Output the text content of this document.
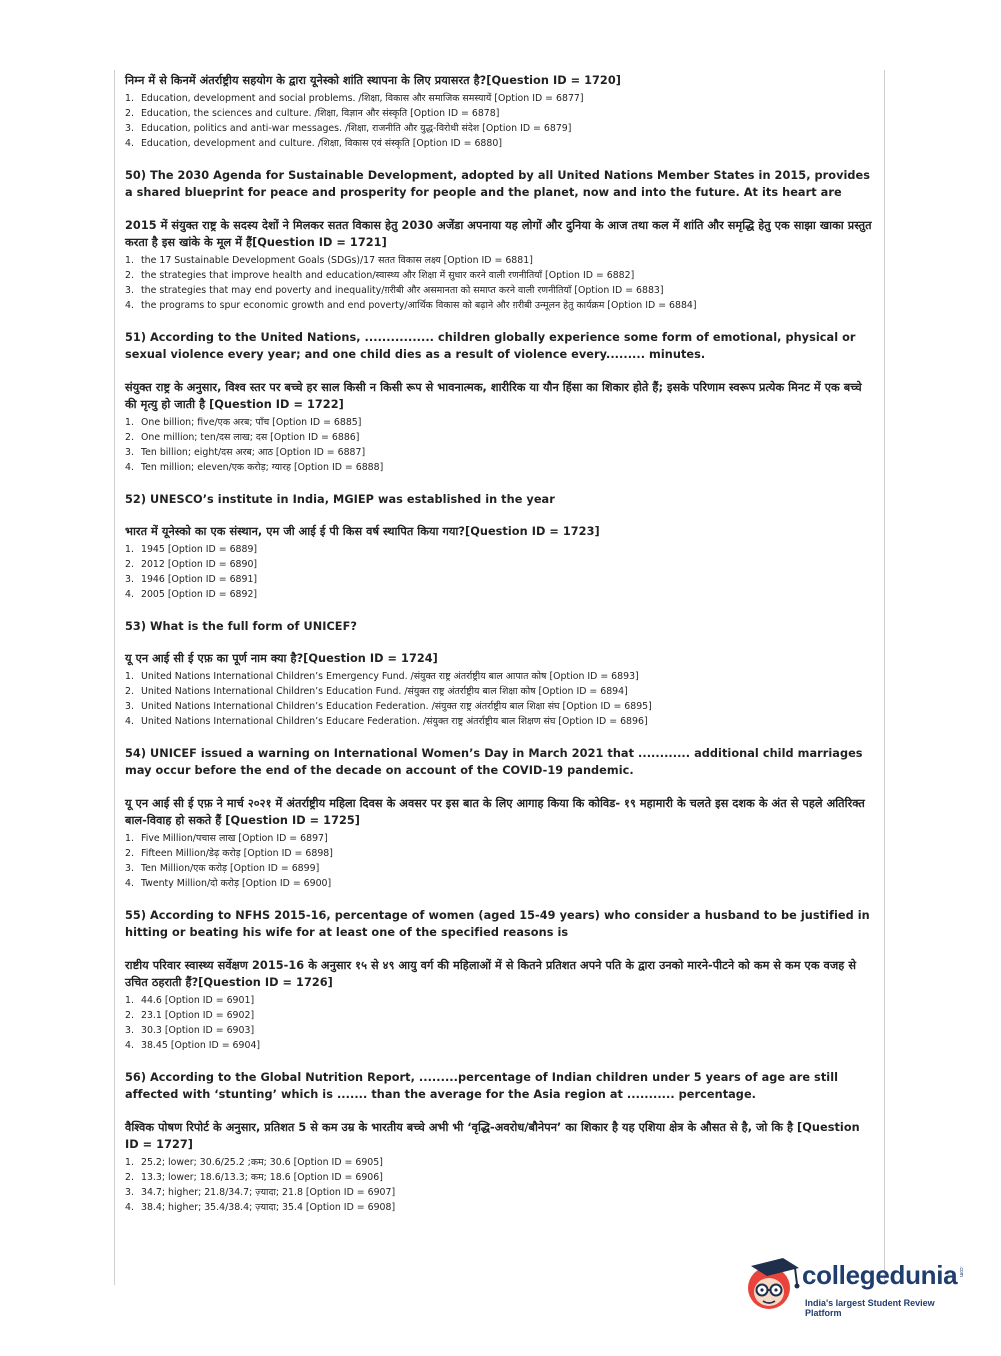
निम्न में से किनमें अंतर्राष्ट्रीय सहयोग के द्वारा यूनेस्को शांति स्थापना के लिए प्रयासरत है?[Question ID = 1720]

1. Education, development and social problems. /शिक्षा, विकास और समाजिक समस्यायें [Option ID = 6877]
2. Education, the sciences and culture. /शिक्षा, विज्ञान और संस्कृति [Option ID = 6878]
3. Education, politics and anti-war messages. /शिक्षा, राजनीति और युद्ध-विरोधी संदेश [Option ID = 6879]
4. Education, development and culture. /शिक्षा, विकास एवं संस्कृति [Option ID = 6880]

50) The 2030 Agenda for Sustainable Development, adopted by all United Nations Member States in 2015, provides a shared blueprint for peace and prosperity for people and the planet, now and into the future. At its heart are

2015 में संयुक्त राष्ट्र के सदस्य देशों ने मिलकर सतत विकास हेतु 2030 अजेंडा अपनाया यह लोगों और दुनिया के आज तथा कल में शांति और समृद्धि हेतु एक साझा खाका प्रस्तुत करता है इस खांके के मूल में हैं[Question ID = 1721]

1. the 17 Sustainable Development Goals (SDGs)/17 सतत विकास लक्ष्य [Option ID = 6881]
2. the strategies that improve health and education/स्वास्थ्य और शिक्षा में सुधार करने वाली रणनीतियाँ [Option ID = 6882]
3. the strategies that may end poverty and inequality/ग़रीबी और असमानता को समाप्त करने वाली रणनीतियाँ [Option ID = 6883]
4. the programs to spur economic growth and end poverty/आर्थिक विकास को बढ़ाने और ग़रीबी उन्मूलन हेतु कार्यक्रम [Option ID = 6884]

51) According to the United Nations, ................ children globally experience some form of emotional, physical or sexual violence every year; and one child dies as a result of violence every......... minutes.

संयुक्त राष्ट्र के अनुसार, विश्व स्तर पर बच्चे हर साल किसी न किसी रूप से भावनात्मक, शारीरिक या यौन हिंसा का शिकार होते हैं; इसके परिणाम स्वरूप प्रत्येक मिनट में एक बच्चे की मृत्यु हो जाती है [Question ID = 1722]

1. One billion; five/एक अरब; पाँच [Option ID = 6885]
2. One million; ten/दस लाख; दस [Option ID = 6886]
3. Ten billion; eight/दस अरब; आठ [Option ID = 6887]
4. Ten million; eleven/एक करोड़; ग्यारह [Option ID = 6888]

52) UNESCO’s institute in India, MGIEP was established in the year

भारत में यूनेस्को का एक संस्थान, एम जी आई ई पी किस वर्ष स्थापित किया गया?[Question ID = 1723]

1. 1945 [Option ID = 6889]
2. 2012 [Option ID = 6890]
3. 1946 [Option ID = 6891]
4. 2005 [Option ID = 6892]

53) What is the full form of UNICEF?

यू एन आई सी ई एफ़ का पूर्ण नाम क्या है?[Question ID = 1724]

1. United Nations International Children’s Emergency Fund. /संयुक्त राष्ट्र अंतर्राष्ट्रीय बाल आपात कोष [Option ID = 6893]
2. United Nations International Children’s Education Fund. /संयुक्त राष्ट्र अंतर्राष्ट्रीय बाल शिक्षा कोष [Option ID = 6894]
3. United Nations International Children’s Education Federation. /संयुक्त राष्ट्र अंतर्राष्ट्रीय बाल शिक्षा संघ [Option ID = 6895]
4. United Nations International Children’s Educare Federation. /संयुक्त राष्ट्र अंतर्राष्ट्रीय बाल शिक्षण संघ [Option ID = 6896]

54) UNICEF issued a warning on International Women’s Day in March 2021 that ............ additional child marriages may occur before the end of the decade on account of the COVID-19 pandemic.

यू एन आई सी ई एफ़ ने मार्च २०२१ में अंतर्राष्ट्रीय महिला दिवस के अवसर पर इस बात के लिए आगाह किया कि कोविड- १९ महामारी के चलते इस दशक के अंत से पहले अतिरिक्त बाल-विवाह हो सकते हैं [Question ID = 1725]

1. Five Million/पचास लाख [Option ID = 6897]
2. Fifteen Million/डेढ़ करोड़ [Option ID = 6898]
3. Ten Million/एक करोड़ [Option ID = 6899]
4. Twenty Million/दो करोड़ [Option ID = 6900]

55) According to NFHS 2015-16, percentage of women (aged 15-49 years) who consider a husband to be justified in hitting or beating his wife for at least one of the specified reasons is

राष्टीय परिवार स्वास्थ्य सर्वेक्षण 2015-16 के अनुसार १५ से ४९ आयु वर्ग की महिलाओं में से कितने प्रतिशत अपने पति के द्वारा उनको मारने-पीटने को कम से कम एक वजह से उचित ठहराती हैं?[Question ID = 1726]

1. 44.6 [Option ID = 6901]
2. 23.1 [Option ID = 6902]
3. 30.3 [Option ID = 6903]
4. 38.45 [Option ID = 6904]

56) According to the Global Nutrition Report, .........percentage of Indian children under 5 years of age are still affected with ‘stunting’ which is ....... than the average for the Asia region at ........... percentage.

वैश्विक पोषण रिपोर्ट के अनुसार, प्रतिशत 5 से कम उम्र के भारतीय बच्चे अभी भी ‘वृद्धि-अवरोध/बौनेपन’ का शिकार है यह एशिया क्षेत्र के औसत से है, जो कि है [Question ID = 1727]

1. 25.2; lower; 30.6/25.2 ;कम; 30.6 [Option ID = 6905]
2. 13.3; lower; 18.6/13.3; कम; 18.6 [Option ID = 6906]
3. 34.7; higher; 21.8/34.7; ज़्यादा; 21.8 [Option ID = 6907]
4. 38.4; higher; 35.4/38.4; ज़्यादा; 35.4 [Option ID = 6908]
collegedunia .com
India's largest Student Review Platform
